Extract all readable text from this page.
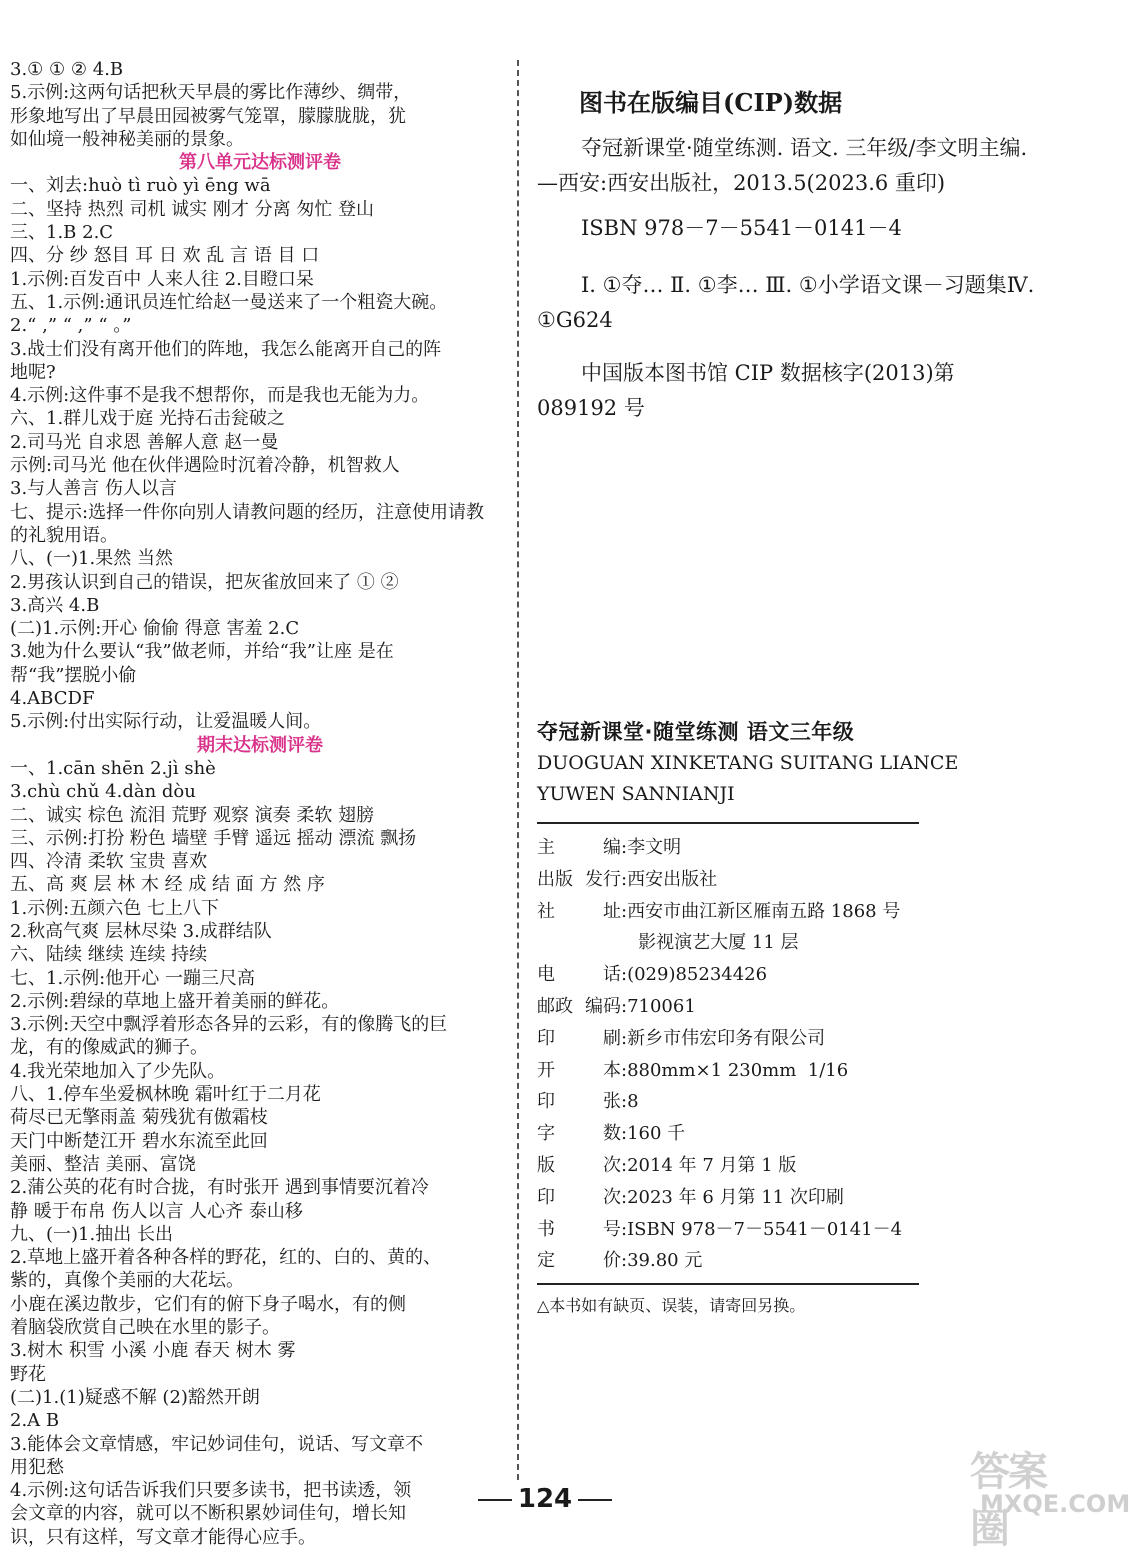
3.① ① ② 4.B
5.示例:这两句话把秋天早晨的雾比作薄纱、绸带，
形象地写出了早晨田园被雾气笼罩，朦朦胧胧，犹
如仙境一般神秘美丽的景象。
第八单元达标测评卷
一、刘去:huò tì ruò yì ēng wā
二、坚持 热烈 司机 诚实 刚才 分离 匆忙 登山
三、1.B 2.C
四、分 纱 怒目 耳 日 欢 乱 言 语 目 口
1.示例:百发百中 人来人往 2.目瞪口呆
五、1.示例:通讯员连忙给赵一曼送来了一个粗瓷大碗。
2.“ ,” “ ,” “ 。”
3.战士们没有离开他们的阵地，我怎么能离开自己的阵
地呢?
4.示例:这件事不是我不想帮你，而是我也无能为力。
六、1.群儿戏于庭 光持石击瓮破之
2.司马光 自求恩 善解人意 赵一曼
示例:司马光 他在伙伴遇险时沉着冷静，机智救人
3.与人善言 伤人以言
七、提示:选择一件你向别人请教问题的经历，注意使用请教
的礼貌用语。
八、(一)1.果然 当然
2.男孩认识到自己的错误，把灰雀放回来了 ① ②
3.高兴 4.B
(二)1.示例:开心 偷偷 得意 害羞 2.C
3.她为什么要认“我”做老师，并给“我”让座 是在
帮“我”摆脱小偷
4.ABCDF
5.示例:付出实际行动，让爱温暖人间。
期末达标测评卷
一、1.cān shēn 2.jì shè
3.chù chǔ 4.dàn dòu
二、诚实 棕色 流泪 荒野 观察 演奏 柔软 翅膀
三、示例:打扮 粉色 墙壁 手臂 遥远 摇动 漂流 飘扬
四、冷清 柔软 宝贵 喜欢
五、高 爽 层 林 木 经 成 结 面 方 然 序
1.示例:五颜六色 七上八下
2.秋高气爽 层林尽染 3.成群结队
六、陆续 继续 连续 持续
七、1.示例:他开心 一蹦三尺高
2.示例:碧绿的草地上盛开着美丽的鲜花。
3.示例:天空中飘浮着形态各异的云彩，有的像腾飞的巨
龙，有的像威武的狮子。
4.我光荣地加入了少先队。
八、1.停车坐爱枫林晚 霜叶红于二月花
荷尽已无擎雨盖 菊残犹有傲霜枝
天门中断楚江开 碧水东流至此回
美丽、整洁 美丽、富饶
2.蒲公英的花有时合拢，有时张开 遇到事情要沉着冷
静 暖于布帛 伤人以言 人心齐 泰山移
九、(一)1.抽出 长出
2.草地上盛开着各种各样的野花，红的、白的、黄的、
紫的，真像个美丽的大花坛。
小鹿在溪边散步，它们有的俯下身子喝水，有的侧
着脑袋欣赏自己映在水里的影子。
3.树木 积雪 小溪 小鹿 春天 树木 雾
野花
(二)1.(1)疑惑不解 (2)豁然开朗
2.A B
3.能体会文章情感，牢记妙词佳句，说话、写文章不
用犯愁
4.示例:这句话告诉我们只要多读书，把书读透，领
会文章的内容，就可以不断积累妙词佳句，增长知
识，只有这样，写文章才能得心应手。
图书在版编目(CIP)数据

夺冠新课堂·随堂练测. 语文. 三年级/李文明主编. —西安:西安出版社，2013.5(2023.6 重印)

ISBN 978－7－5541－0141－4

Ⅰ. ①夺… Ⅱ. ①李… Ⅲ. ①小学语文课－习题集Ⅳ. ①G624

中国版本图书馆 CIP 数据核字(2013)第 089192 号

夺冠新课堂·随堂练测 语文三年级
DUOGUAN XINKETANG SUITANG LIANCE
YUWEN SANNIANJI
主	编 :李文明
出版 发行 :西安出版社
社	址 :西安市曲江新区雁南五路 1868 号
影视演艺大厦 11 层
电	话 :(029)85234426
邮政 编码 :710061
印	刷 :新乡市伟宏印务有限公司
开	本 :880mm×1 230mm  1/16
印	张 :8
字	数 :160 千
版	次 :2014 年 7 月第 1 版
印	次 :2023 年 6 月第 11 次印刷
书	号 :ISBN 978－7－5541－0141－4
定	价 :39.80 元
△本书如有缺页、误装，请寄回另换。
124
答案圈
MXQE.COM
